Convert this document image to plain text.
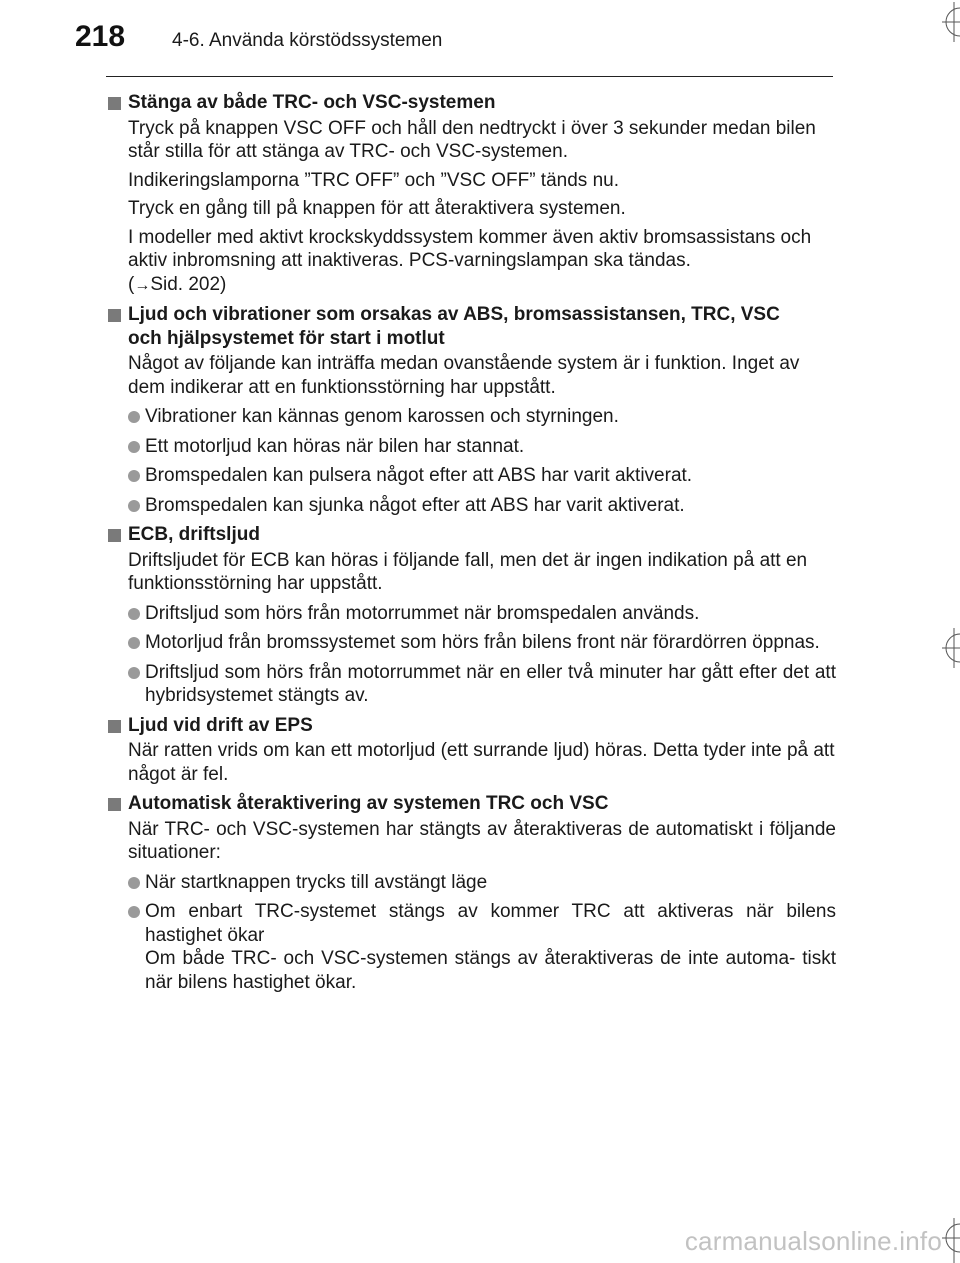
218 4-6. Använda körstödssystemen
Stänga av både TRC- och VSC-systemen
Tryck på knappen VSC OFF och håll den nedtryckt i över 3 sekunder medan bilen står stilla för att stänga av TRC- och VSC-systemen.
Indikeringslamporna ”TRC OFF” och ”VSC OFF” tänds nu.
Tryck en gång till på knappen för att återaktivera systemen.
I modeller med aktivt krockskyddssystem kommer även aktiv bromsassistans och aktiv inbromsning att inaktiveras. PCS-varningslampan ska tändas.
(→Sid. 202)
Ljud och vibrationer som orsakas av ABS, bromsassistansen, TRC, VSC
och hjälpsystemet för start i motlut
Något av följande kan inträffa medan ovanstående system är i funktion. Inget av dem indikerar att en funktionsstörning har uppstått.
Vibrationer kan kännas genom karossen och styrningen.
Ett motorljud kan höras när bilen har stannat.
Bromspedalen kan pulsera något efter att ABS har varit aktiverat.
Bromspedalen kan sjunka något efter att ABS har varit aktiverat.
ECB, driftsljud
Driftsljudet för ECB kan höras i följande fall, men det är ingen indikation på att en funktionsstörning har uppstått.
Driftsljud som hörs från motorrummet när bromspedalen används.
Motorljud från bromssystemet som hörs från bilens front när förardörren öppnas.
Driftsljud som hörs från motorrummet när en eller två minuter har gått efter det att hybridsystemet stängts av.
Ljud vid drift av EPS
När ratten vrids om kan ett motorljud (ett surrande ljud) höras. Detta tyder inte på att något är fel.
Automatisk återaktivering av systemen TRC och VSC
När TRC- och VSC-systemen har stängts av återaktiveras de automatiskt i följande situationer:
När startknappen trycks till avstängt läge
Om enbart TRC-systemet stängs av kommer TRC att aktiveras när bilens hastighet ökar
Om både TRC- och VSC-systemen stängs av återaktiveras de inte automa- tiskt när bilens hastighet ökar.
carmanualsonline.info
